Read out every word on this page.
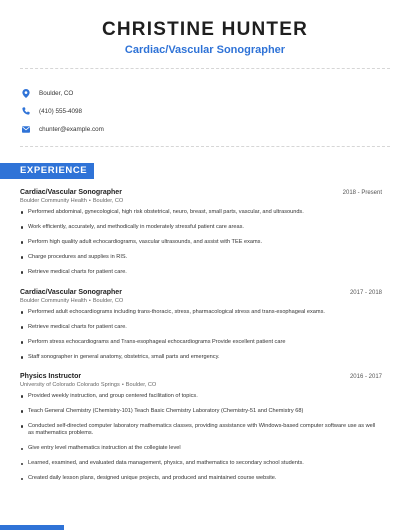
CHRISTINE HUNTER
Cardiac/Vascular Sonographer
Boulder, CO
(410) 555-4098
chunter@example.com
EXPERIENCE
Cardiac/Vascular Sonographer	2018 - Present
Boulder Community Health • Boulder, CO
Performed abdominal, gynecological, high risk obstetrical, neuro, breast, small parts, vascular, and ultrasounds.
Work efficiently, accurately, and methodically in moderately stressful patient care areas.
Perform high quality adult echocardiograms, vascular ultrasounds, and assist with TEE exams.
Charge procedures and supplies in RIS.
Retrieve medical charts for patient care.
Cardiac/Vascular Sonographer	2017 - 2018
Boulder Community Health • Boulder, CO
Performed adult echocardiograms including trans-thoracic, stress, pharmacological stress and trans-esophageal exams.
Retrieve medical charts for patient care.
Perform stress echocardiograms and Trans-esophageal echocardiograms Provide excellent patient care
Staff sonographer in general anatomy, obstetrics, small parts and emergency.
Physics Instructor	2016 - 2017
University of Colorado Colorado Springs • Boulder, CO
Provided weekly instruction, and group centered facilitation of topics.
Teach General Chemistry (Chemistry-101) Teach Basic Chemistry Laboratory (Chemistry-51 and Chemistry 68)
Conducted self-directed computer laboratory mathematics classes, providing assistance with Windows-based computer software use as well as mathematics problems.
Give entry level mathematics instruction at the collegiate level
Learned, examined, and evaluated data management, physics, and mathematics to secondary school students.
Created daily lesson plans, designed unique projects, and produced and maintained course website.
